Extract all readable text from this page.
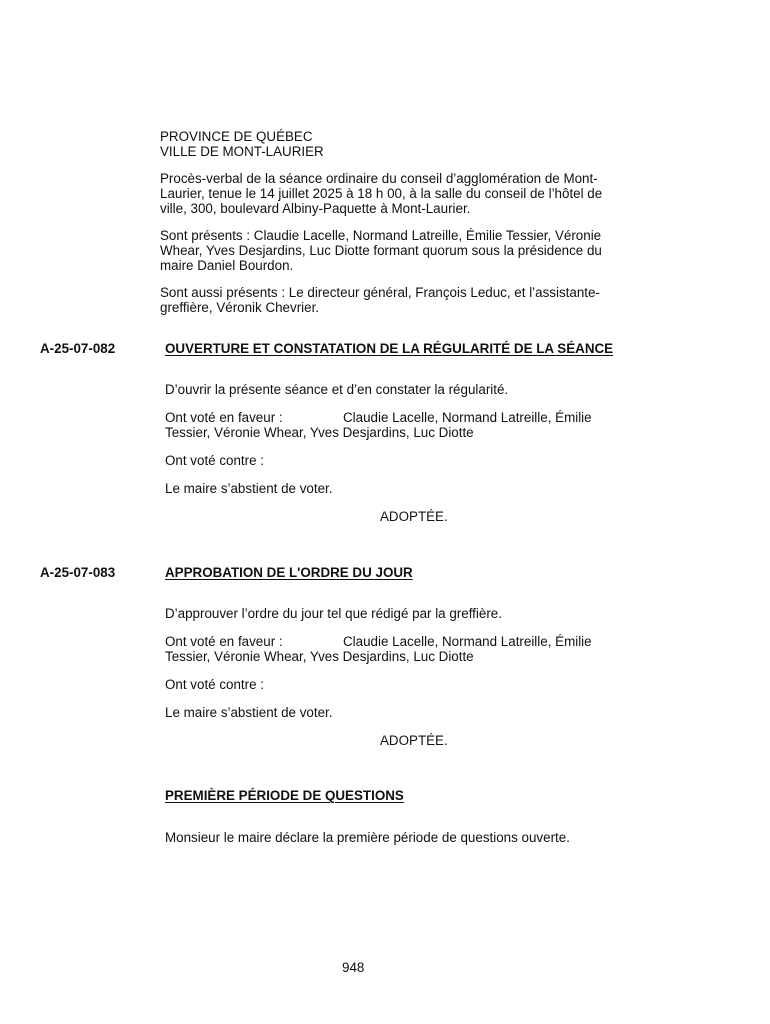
PROVINCE DE QUÉBEC
VILLE DE MONT-LAURIER
Procès-verbal de la séance ordinaire du conseil d’agglomération de Mont-
Laurier, tenue le 14 juillet 2025 à 18 h 00, à la salle du conseil de l’hôtel de
ville, 300, boulevard Albiny-Paquette à Mont-Laurier.
Sont présents : Claudie Lacelle, Normand Latreille, Émilie Tessier, Véronie
Whear, Yves Desjardins, Luc Diotte formant quorum sous la présidence du
maire Daniel Bourdon.
Sont aussi présents : Le directeur général, François Leduc, et l’assistante-
greffière, Véronik Chevrier.
A-25-07-082	OUVERTURE ET CONSTATATION DE LA RÉGULARITÉ DE LA SÉANCE
D’ouvrir la présente séance et d’en constater la régularité.
Ont voté en faveur :	Claudie Lacelle, Normand Latreille, Émilie
Tessier, Véronie Whear, Yves Desjardins, Luc Diotte
Ont voté contre :
Le maire s’abstient de voter.
ADOPTÉE.
A-25-07-083	APPROBATION DE L'ORDRE DU JOUR
D’approuver l’ordre du jour tel que rédigé par la greffière.
Ont voté en faveur :	Claudie Lacelle, Normand Latreille, Émilie
Tessier, Véronie Whear, Yves Desjardins, Luc Diotte
Ont voté contre :
Le maire s’abstient de voter.
ADOPTÉE.
PREMIÈRE PÉRIODE DE QUESTIONS
Monsieur le maire déclare la première période de questions ouverte.
948
